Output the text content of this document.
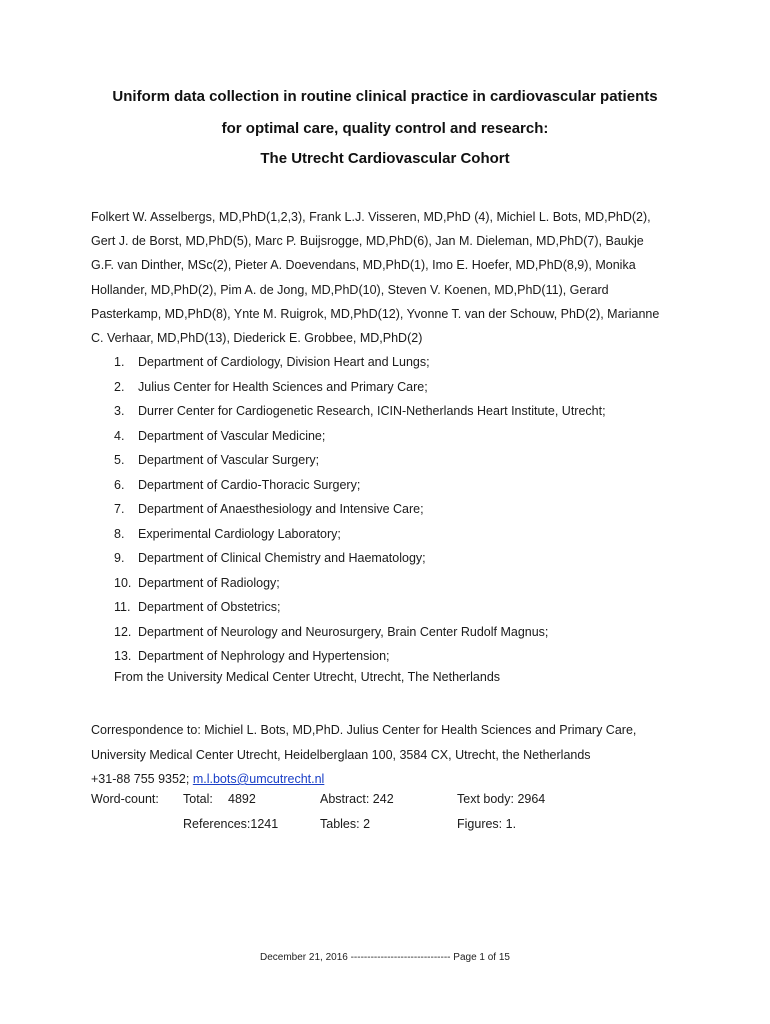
Uniform data collection in routine clinical practice in cardiovascular patients
for optimal care, quality control and research:
The Utrecht Cardiovascular Cohort
Folkert W. Asselbergs, MD,PhD(1,2,3), Frank L.J. Visseren, MD,PhD (4), Michiel L. Bots, MD,PhD(2),
Gert J. de Borst, MD,PhD(5), Marc P. Buijsrogge, MD,PhD(6), Jan M. Dieleman, MD,PhD(7), Baukje
G.F. van Dinther, MSc(2), Pieter A. Doevendans, MD,PhD(1), Imo E. Hoefer, MD,PhD(8,9), Monika
Hollander, MD,PhD(2), Pim A. de Jong, MD,PhD(10), Steven V. Koenen, MD,PhD(11), Gerard
Pasterkamp, MD,PhD(8), Ynte M. Ruigrok, MD,PhD(12), Yvonne T. van der Schouw, PhD(2), Marianne
C. Verhaar, MD,PhD(13), Diederick E. Grobbee, MD,PhD(2)
1. Department of Cardiology, Division Heart and Lungs;
2. Julius Center for Health Sciences and Primary Care;
3. Durrer Center for Cardiogenetic Research, ICIN-Netherlands Heart Institute, Utrecht;
4. Department of Vascular Medicine;
5. Department of Vascular Surgery;
6. Department of Cardio-Thoracic Surgery;
7. Department of Anaesthesiology and Intensive Care;
8. Experimental Cardiology Laboratory;
9. Department of Clinical Chemistry and Haematology;
10. Department of Radiology;
11. Department of Obstetrics;
12. Department of Neurology and Neurosurgery, Brain Center Rudolf Magnus;
13. Department of Nephrology and Hypertension;
From the University Medical Center Utrecht, Utrecht, The Netherlands
Correspondence to: Michiel L. Bots, MD,PhD. Julius Center for Health Sciences and Primary Care,
University Medical Center Utrecht, Heidelberglaan 100, 3584 CX, Utrecht, the Netherlands
+31-88 755 9352; m.l.bots@umcutrecht.nl
Word-count: Total: 4892	Abstract: 242	Text body: 2964
References:1241	Tables: 2	Figures: 1.
December 21, 2016 ------------------------------ Page 1 of 15
